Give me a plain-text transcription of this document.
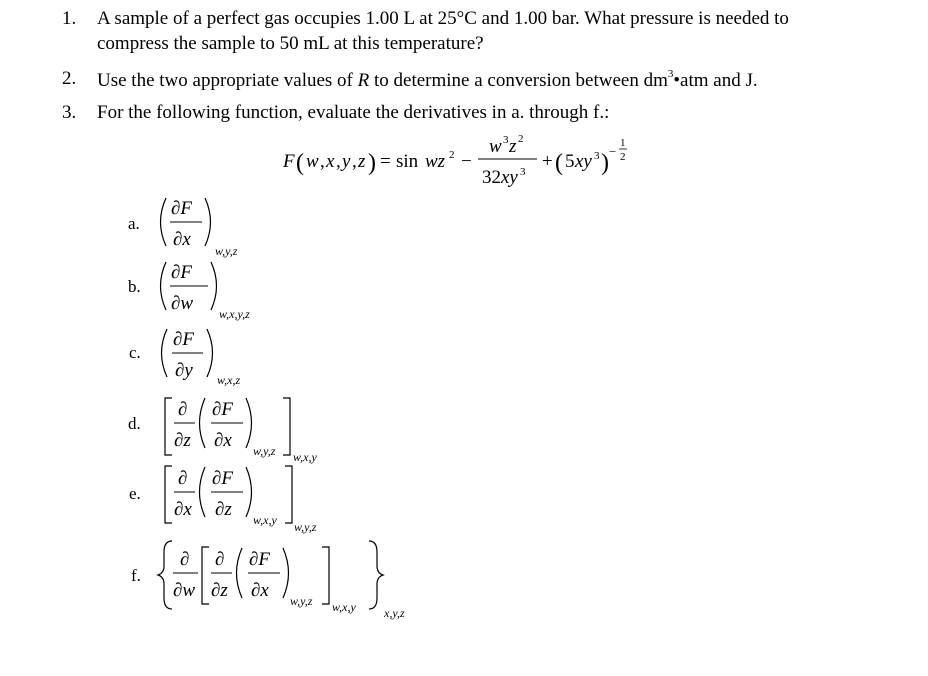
1. A sample of a perfect gas occupies 1.00 L at 25°C and 1.00 bar. What pressure is needed to
compress the sample to 50 mL at this temperature?
2. Use the two appropriate values of R to determine a conversion between $dm^3•atm$ and J.
3. For the following function, evaluate the derivatives in a. through f.:
F ( w , x , y , z ) = sin wz 2 −
w 3 z 2
32 xy 3 + ( 5 xy 3 ) −
1
2
∂F
∂x
w,y,z
∂F
∂w w,x,y,z
∂F
∂y w,x,z
∂
∂z
∂F
∂x w,y,z w,x,y
∂
∂x
∂F
∂z w,x,y w,y,z
∂
∂w
∂
∂z
∂F
∂x w,y,z w,x,y x,y,z
a.
b.
c.
d.
e.
f.
